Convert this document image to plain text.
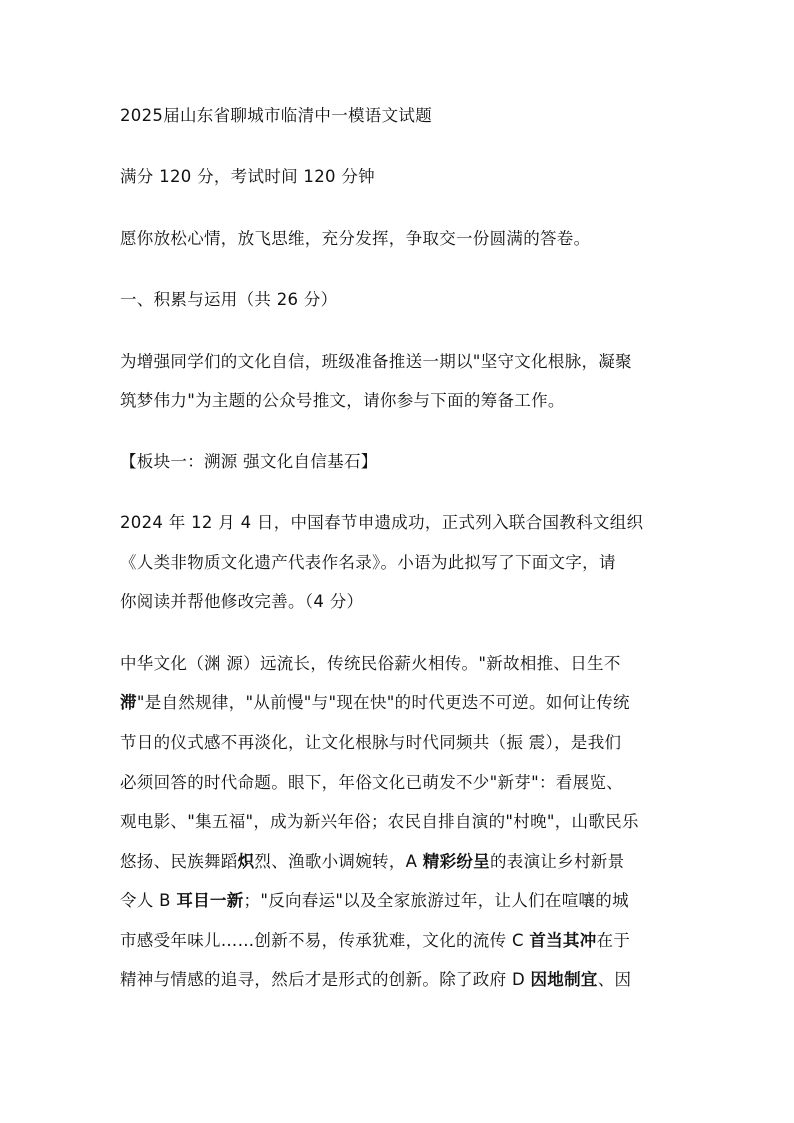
2025届山东省聊城市临清中一模语文试题
满分 120 分，考试时间 120 分钟
愿你放松心情，放飞思维，充分发挥，争取交一份圆满的答卷。
一、积累与运用（共 26 分）
为增强同学们的文化自信，班级准备推送一期以"坚守文化根脉，凝聚
筑梦伟力"为主题的公众号推文，请你参与下面的筹备工作。
【板块一：溯源 强文化自信基石】
2024 年 12 月 4 日，中国春节申遗成功，正式列入联合国教科文组织
《人类非物质文化遗产代表作名录》。小语为此拟写了下面文字，请
你阅读并帮他修改完善。（4 分）
中华文化（渊 源）远流长，传统民俗薪火相传。"新故相推、日生不
滞"是自然规律，"从前慢"与"现在快"的时代更迭不可逆。如何让传统
节日的仪式感不再淡化，让文化根脉与时代同频共（振 震），是我们
必须回答的时代命题。眼下，年俗文化已萌发不少"新芽"：看展览、
观电影、"集五福"，成为新兴年俗；农民自排自演的"村晚"，山歌民乐
悠扬、民族舞蹈炽烈、渔歌小调婉转，A 精彩纷呈的表演让乡村新景
令人 B 耳目一新；"反向春运"以及全家旅游过年，让人们在喧嚷的城
市感受年味儿……创新不易，传承犹难，文化的流传 C 首当其冲在于
精神与情感的追寻，然后才是形式的创新。除了政府 D 因地制宜、因
